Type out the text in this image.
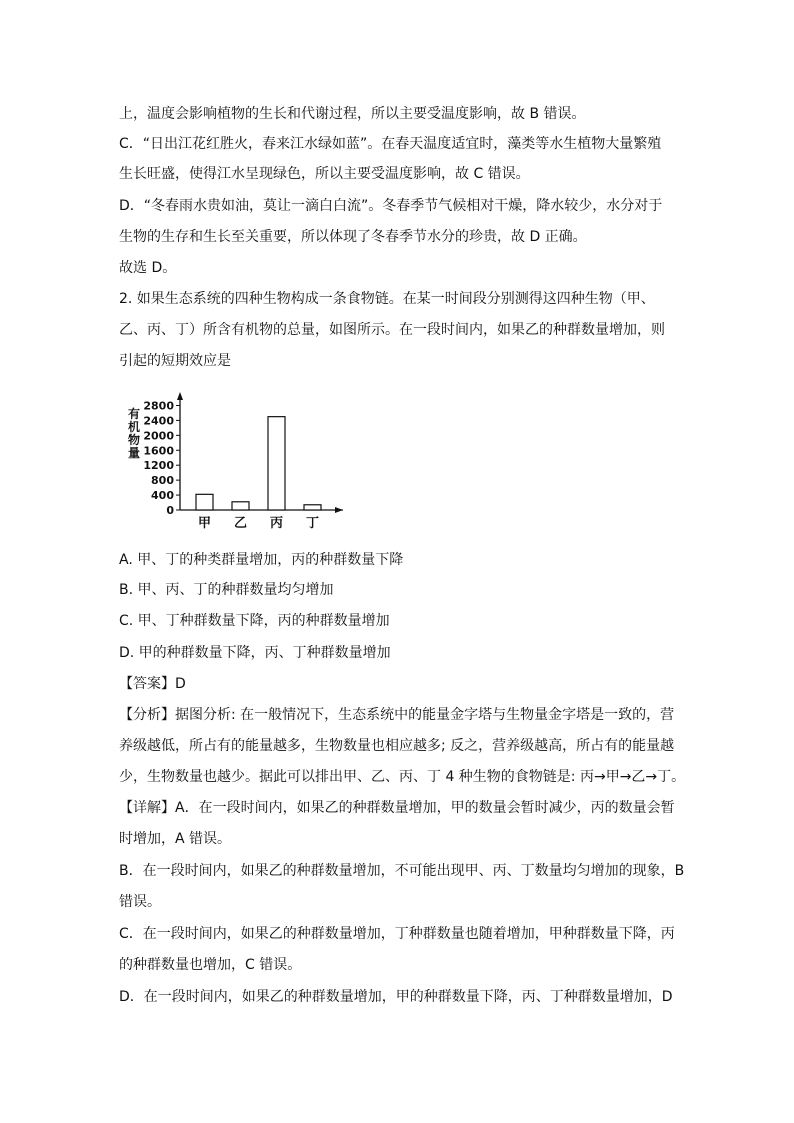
上，温度会影响植物的生长和代谢过程，所以主要受温度影响，故 B 错误。
C．“日出江花红胜火，春来江水绿如蓝”。在春天温度适宜时，藻类等水生植物大量繁殖
生长旺盛，使得江水呈现绿色，所以主要受温度影响，故 C 错误。
D．“冬春雨水贵如油，莫让一滴白白流”。冬春季节气候相对干燥，降水较少，水分对于
生物的生存和生长至关重要，所以体现了冬春季节水分的珍贵，故 D 正确。
故选 D。
2. 如果生态系统的四种生物构成一条食物链。在某一时间段分别测得这四种生物（甲、
乙、丙、丁）所含有机物的总量，如图所示。在一段时间内，如果乙的种群数量增加，则
引起的短期效应是
0
400
800
1200
1600
2000
2400
2800
甲 乙 丙 丁
有
机
物
量
A. 甲、丁的种类群量增加，丙的种群数量下降
B. 甲、丙、丁的种群数量均匀增加
C. 甲、丁种群数量下降，丙的种群数量增加
D. 甲的种群数量下降，丙、丁种群数量增加
【答案】D
【分析】据图分析: 在一般情况下，生态系统中的能量金字塔与生物量金字塔是一致的，营
养级越低，所占有的能量越多，生物数量也相应越多; 反之，营养级越高，所占有的能量越
少，生物数量也越少。据此可以排出甲、乙、丙、丁 4 种生物的食物链是: 丙→甲→乙→丁。
【详解】A．在一段时间内，如果乙的种群数量增加，甲的数量会暂时减少，丙的数量会暂
时增加，A 错误。
B．在一段时间内，如果乙的种群数量增加，不可能出现甲、丙、丁数量均匀增加的现象，B
错误。
C．在一段时间内，如果乙的种群数量增加，丁种群数量也随着增加，甲种群数量下降，丙
的种群数量也增加，C 错误。
D．在一段时间内，如果乙的种群数量增加，甲的种群数量下降，丙、丁种群数量增加，D
